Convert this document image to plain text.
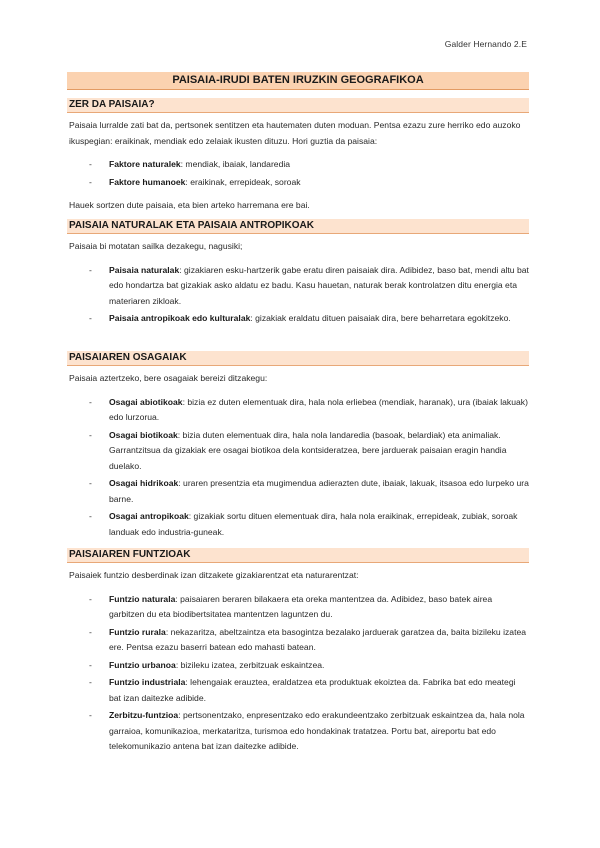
Galder Hernando 2.E
PAISAIA-IRUDI BATEN IRUZKIN GEOGRAFIKOA
ZER DA PAISAIA?

Paisaia lurralde zati bat da, pertsonek sentitzen eta hautematen duten moduan. Pentsa ezazu zure herriko edo auzoko ikuspegian: eraikinak, mendiak edo zelaiak ikusten dituzu. Hori guztia da paisaia:

- Faktore naturalek: mendiak, ibaiak, landaredia
- Faktore humanoek: eraikinak, errepideak, soroak

Hauek sortzen dute paisaia, eta bien arteko harremana ere bai.

PAISAIA NATURALAK ETA PAISAIA ANTROPIKOAK

Paisaia bi motatan sailka dezakegu, nagusiki;

- Paisaia naturalak: gizakiaren esku-hartzerik gabe eratu diren paisaiak dira. Adibidez, baso bat, mendi altu bat edo hondartza bat gizakiak asko aldatu ez badu. Kasu hauetan, naturak berak kontrolatzen ditu energia eta materiaren zikloak.
- Paisaia antropikoak edo kulturalak: gizakiak eraldatu dituen paisaiak dira, bere beharretara egokitzeko.
PAISAIAREN OSAGAIAK

Paisaia aztertzeko, bere osagaiak bereizi ditzakegu:

- Osagai abiotikoak: bizia ez duten elementuak dira, hala nola erliebea (mendiak, haranak), ura (ibaiak lakuak) edo lurzorua.
- Osagai biotikoak: bizia duten elementuak dira, hala nola landaredia (basoak, belardiak) eta animaliak. Garrantzitsua da gizakiak ere osagai biotikoa dela kontsideratzea, bere jarduerak paisaian eragin handia duelako.
- Osagai hidrikoak: uraren presentzia eta mugimendua adierazten dute, ibaiak, lakuak, itsasoa edo lurpeko ura barne.
- Osagai antropikoak: gizakiak sortu dituen elementuak dira, hala nola eraikinak, errepideak, zubiak, soroak landuak edo industria-guneak.
PAISAIAREN FUNTZIOAK

Paisaiek funtzio desberdinak izan ditzakete gizakiarentzat eta naturarentzat:

- Funtzio naturala: paisaiaren beraren bilakaera eta oreka mantentzea da. Adibidez, baso batek airea garbitzen du eta biodibertsitatea mantentzen laguntzen du.
- Funtzio rurala: nekazaritza, abeltzaintza eta basogintza bezalako jarduerak garatzea da, baita bizileku izatea ere. Pentsa ezazu baserri batean edo mahasti batean.
- Funtzio urbanoa: bizileku izatea, zerbitzuak eskaintzea.
- Funtzio industriala: lehengaiak erauztea, eraldatzea eta produktuak ekoiztea da. Fabrika bat edo meategi bat izan daitezke adibide.
- Zerbitzu-funtzioa: pertsonentzako, enpresentzako edo erakundeentzako zerbitzuak eskaintzea da, hala nola garraioa, komunikazioa, merkataritza, turismoa edo hondakinak tratatzea. Portu bat, aireportu bat edo telekomunikazio antena bat izan daitezke adibide.
